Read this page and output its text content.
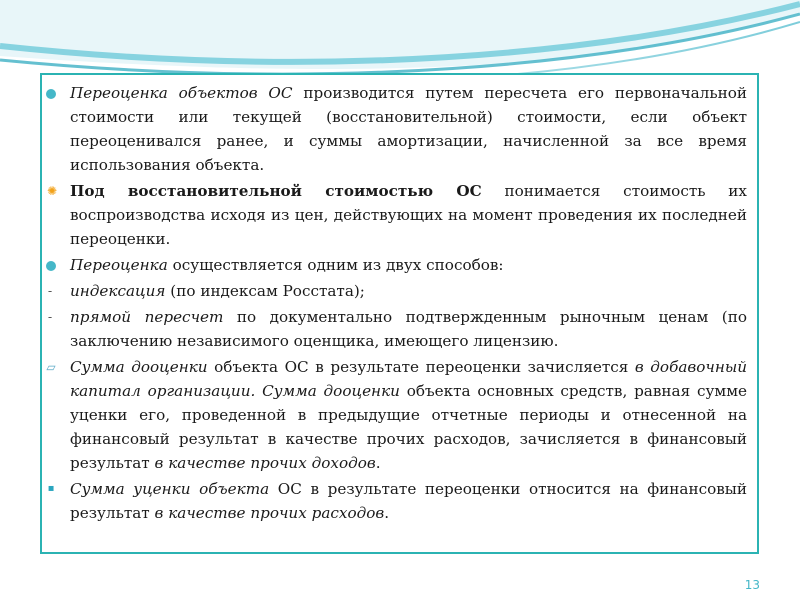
Переоценка объектов ОС производится путем пересчета его первоначальной стоимости или текущей (восстановительной) стоимости, если объект переоценивался ранее, и суммы амортизации, начисленной за все время использования объекта.
✺ Под восстановительной стоимостью ОС понимается стоимость их воспроизводства исходя из цен, действующих на момент проведения их последней переоценки.
Переоценка осуществляется одним из двух способов:
-	индексация (по индексам Росстата);
-	прямой пересчет по документально подтвержденным рыночным ценам (по заключению независимого оценщика, имеющего лицензию.
▱ Сумма дооценки объекта ОС в результате переоценки зачисляется в добавочный капитал организации. Сумма дооценки объекта основных средств, равная сумме уценки его, проведенной в предыдущие отчетные периоды и отнесенной на финансовый результат в качестве прочих расходов, зачисляется в финансовый результат в качестве прочих доходов.
▪	Сумма уценки объекта ОС в результате переоценки относится на финансовый результат в качестве прочих расходов.
13
